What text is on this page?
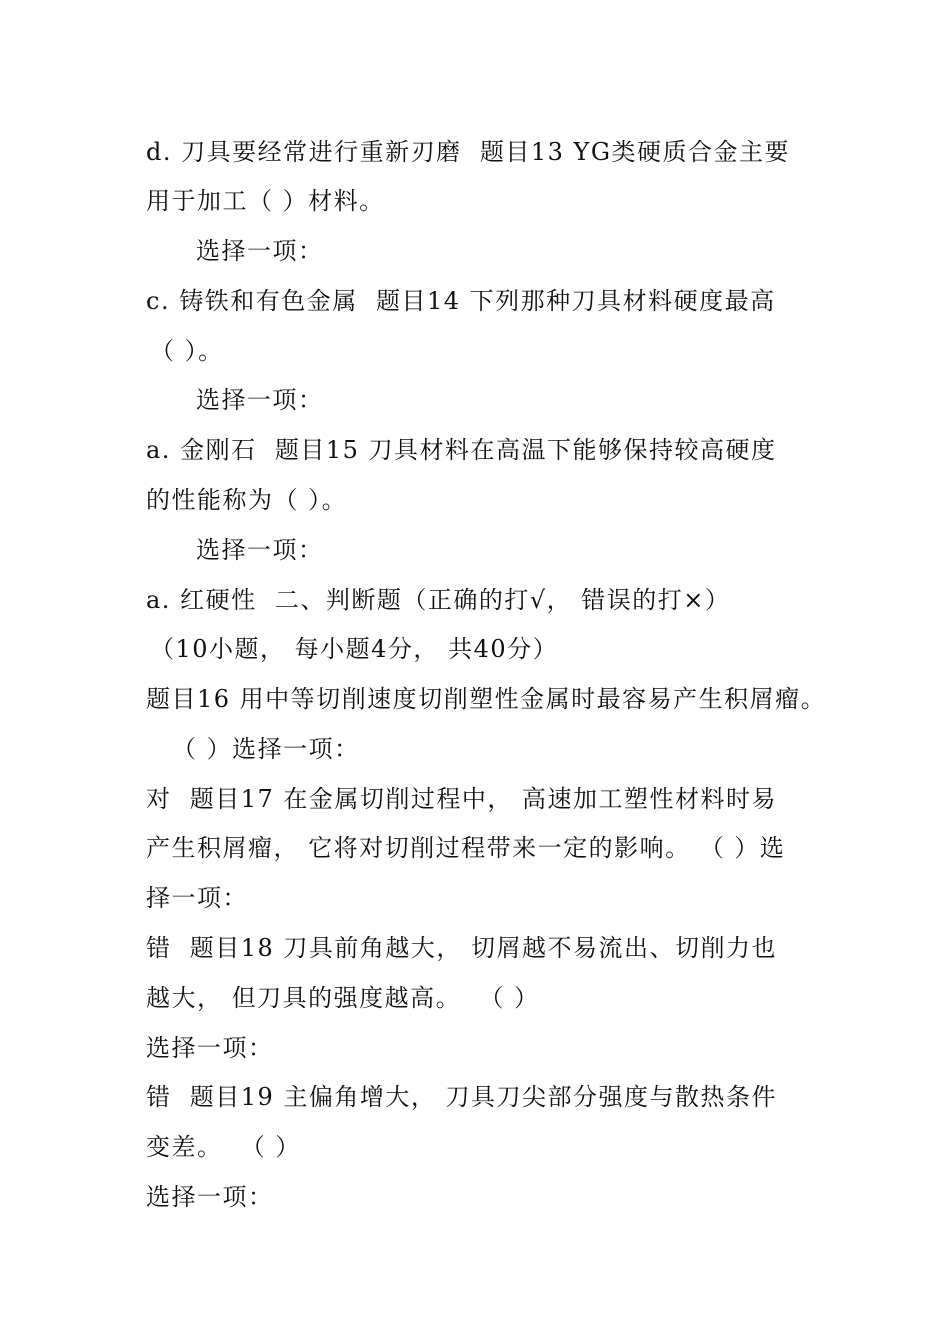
d. 刀具要经常进行重新刃磨  题目13 YG类硬质合金主要
用于加工（ ）材料。
选择一项：
c. 铸铁和有色金属  题目14 下列那种刀具材料硬度最高
（ ）。
选择一项：
a. 金刚石  题目15 刀具材料在高温下能够保持较高硬度
的性能称为（ ）。
选择一项：
a. 红硬性  二、判断题（正确的打√， 错误的打×）
（10小题， 每小题4分， 共40分）
题目16 用中等切削速度切削塑性金属时最容易产生积屑瘤。
（ ）选择一项：
对  题目17 在金属切削过程中， 高速加工塑性材料时易
产生积屑瘤， 它将对切削过程带来一定的影响。 （ ）选
择一项：
错  题目18 刀具前角越大， 切屑越不易流出、切削力也
越大， 但刀具的强度越高。  （ ）
选择一项：
错  题目19 主偏角增大， 刀具刀尖部分强度与散热条件
变差。  （ ）
选择一项：
